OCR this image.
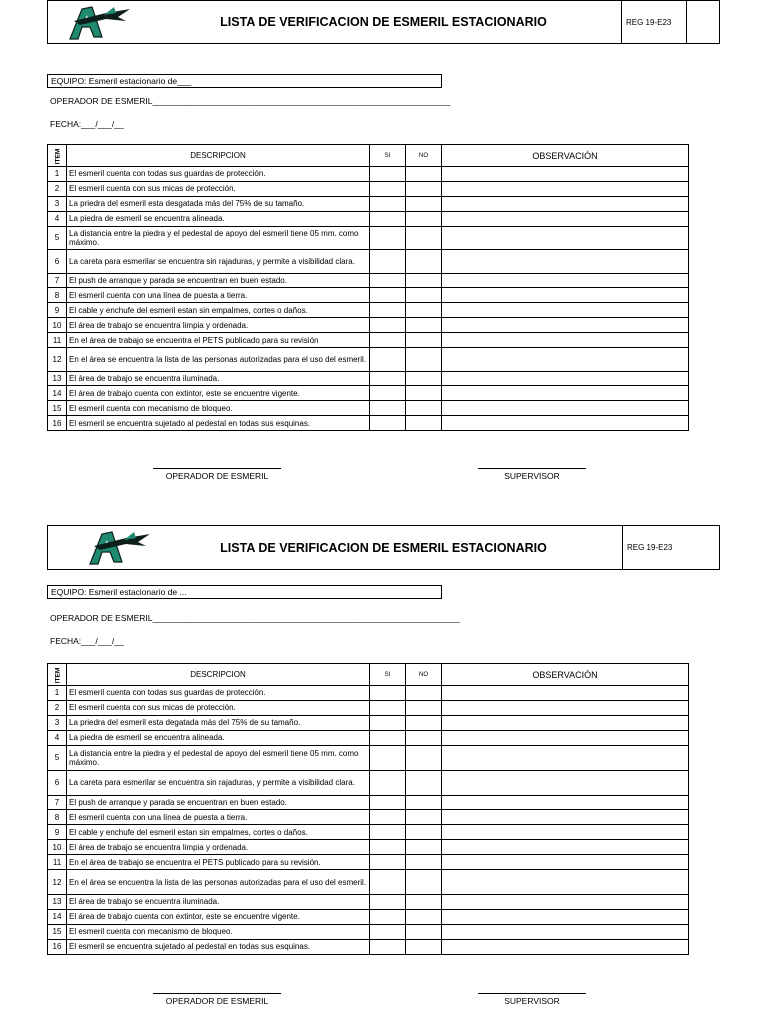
LISTA DE VERIFICACION DE ESMERIL ESTACIONARIO	REG 19-E23
EQUIPO: Esmeril estacionario de___
OPERADOR DE ESMERIL_______________________________________________________________
FECHA:___/___/__
ITEM	DESCRIPCION	SI	NO	OBSERVACIÓN
1	El esmeril cuenta con todas sus guardas de protección.			
2	El esmeril cuenta con sus micas de protección.			
3	La priedra del esmeril esta desgatada más del 75% de su tamaño.			
4	La piedra de esmeril se encuentra alineada.			
5	La distancia entre la piedra y el pedestal de apoyo del esmeril tiene 05 mm. como máximo.			
6	La careta para esmerilar se encuentra sin rajaduras, y permite a visibilidad clara.			
7	El push de arranque y parada se encuentran en buen estado.			
8	El esmeril cuenta con una línea de puesta a tierra.			
9	El cable y enchufe del esmeril estan sin empalmes, cortes o daños.			
10	El área de trabajo se encuentra limpia y ordenada.			
11	En el área de trabajo se encuentra el PETS publicado para su revisión			
12	En el área se encuentra la lista de las personas autorizadas para el uso del esmeril.			
13	El área de trabajo se encuentra iluminada.			
14	El área de trabajo cuenta con extintor, este se encuentre vigente.			
15	El esmeril cuenta con mecanismo de bloqueo.			
16	El esmeril se encuentra sujetado al pedestal en todas sus esquinas.			
OPERADOR DE ESMERIL	SUPERVISOR
LISTA DE VERIFICACION DE ESMERIL ESTACIONARIO	REG 19-E23
EQUIPO: Esmeril estacionario de ...
OPERADOR DE ESMERIL_________________________________________________________________
FECHA:___/___/__
ITEM	DESCRIPCION	SI	NO	OBSERVACIÓN
1	El esmeril cuenta con todas sus guardas de protección.			
2	El esmeril cuenta con sus micas de protección.			
3	La priedra del esmeril esta degatada más del 75% de su tamaño.			
4	La piedra de esmeril se encuentra alineada.			
5	La distancia entre la piedra y el pedestal de apoyo del esmeril tiene 05 mm. como máximo.			
6	La careta para esmerilar se encuentra sin rajaduras, y permite a visibilidad clara.			
7	El push de arranque y parada se encuentran en buen estado.			
8	El esmeril cuenta con una línea de puesta a tierra.			
9	El cable y enchufe del esmeril estan sin empalmes, cortes o daños.			
10	El área de trabajo se encuentra limpia y ordenada.			
11	En el área de trabajo se encuentra el PETS publicado para su revisión.			
12	En el área se encuentra la lista de las personas autorizadas para el uso del esmeril.			
13	El área de trabajo se encuentra iluminada.			
14	El área de trabajo cuenta con extintor, este se encuentre vigente.			
15	El esmeril cuenta con mecanismo de bloqueo.			
16	El esmeril se encuentra sujetado al pedestal en todas sus esquinas.			
OPERADOR DE ESMERIL	SUPERVISOR
